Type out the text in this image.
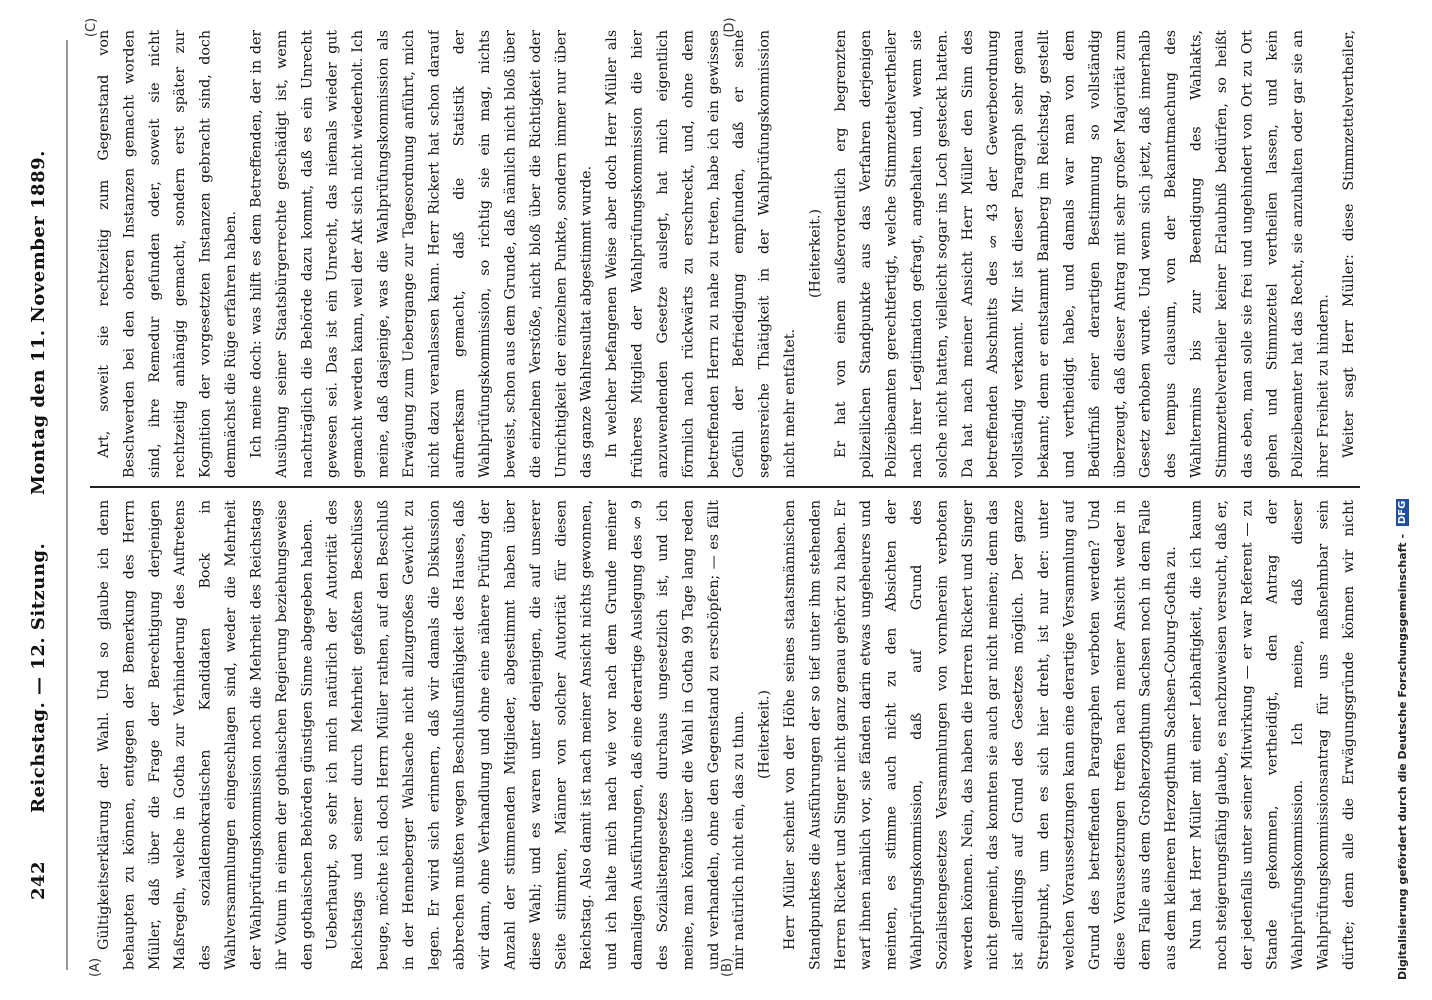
242
Reichstag. — 12. Sitzung.
Montag den 11. November 1889.
(A)	(B)
(C)	(D)

Gültigkeitserklärung der Wahl. Und so glaube ich denn behaupten zu können, entgegen der Bemerkung des Herrn Müller, daß über die Frage der Berechtigung derjenigen Maßregeln, welche in Gotha zur Verhinderung des Auftretens des sozialdemokratischen Kandidaten Bock in Wahlversammlungen eingeschlagen sind, weder die Mehrheit der Wahlprüfungskommission noch die Mehrheit des Reichstags ihr Votum in einem der gothaischen Regierung beziehungsweise den gothaischen Behörden günstigen Sinne abgegeben haben. Ueberhaupt, so sehr ich mich natürlich der Autorität des Reichstags und seiner durch Mehrheit gefaßten Beschlüsse beuge, möchte ich doch Herrn Müller rathen, auf den Beschluß in der Henneberger Wahlsache nicht allzugroßes Gewicht zu legen. Er wird sich erinnern, daß wir damals die Diskussion abbrechen mußten wegen Beschlußunfähigkeit des Hauses, daß wir dann, ohne Verhandlung und ohne eine nähere Prüfung der Anzahl der stimmenden Mitglieder, abgestimmt haben über diese Wahl; und es waren unter denjenigen, die auf unserer Seite stimmten, Männer von solcher Autorität für diesen Reichstag. Also damit ist nach meiner Ansicht nichts gewonnen, und ich halte mich nach wie vor nach dem Grunde meiner damaligen Ausführungen, daß eine derartige Auslegung des § 9 des Sozialistengesetzes durchaus ungesetzlich ist, und ich meine, man könnte über die Wahl in Gotha 99 Tage lang reden und verhandeln, ohne den Gegenstand zu erschöpfen; — es fällt mir natürlich nicht ein, das zu thun. (Heiterkeit.) Herr Müller scheint von der Höhe seines staatsmännischen Standpunktes die Ausführungen der so tief unter ihm stehenden Herren Rickert und Singer nicht ganz genau gehört zu haben. Er warf ihnen nämlich vor, sie fänden darin etwas ungeheures und meinten, es stimme auch nicht zu den Absichten der Wahlprüfungskommission, daß auf Grund des Sozialistengesetzes Versammlungen von vornherein verboten werden können. Nein, das haben die Herren Rickert und Singer nicht gemeint, das konnten sie auch gar nicht meinen; denn das ist allerdings auf Grund des Gesetzes möglich. Der ganze Streitpunkt, um den es sich hier dreht, ist nur der: unter welchen Voraussetzungen kann eine derartige Versammlung auf Grund des betreffenden Paragraphen verboten werden? Und diese Voraussetzungen treffen nach meiner Ansicht weder in dem Falle aus dem Großherzogthum Sachsen noch in dem Falle aus dem kleineren Herzogthum Sachsen-Coburg-Gotha zu. Nun hat Herr Müller mit einer Lebhaftigkeit, die ich kaum noch steigerungsfähig glaube, es nachzuweisen versucht, daß er, der jedenfalls unter seiner Mitwirkung — er war Referent — zu Stande gekommen, vertheidigt, den Antrag der Wahlprüfungskommission. Ich meine, daß dieser Wahlprüfungskommissionsantrag für uns maßnehmbar sein dürfte; denn alle die Erwägungsgründe können wir nicht

Art, soweit sie rechtzeitig zum Gegenstand von Beschwerden bei den oberen Instanzen gemacht worden sind, ihre Remedur gefunden oder, soweit sie nicht rechtzeitig anhängig gemacht, sondern erst später zur Kognition der vorgesetzten Instanzen gebracht sind, doch demnächst die Rüge erfahren haben. Ich meine doch: was hilft es dem Betreffenden, der in der Ausübung seiner Staatsbürgerrechte geschädigt ist, wenn nachträglich die Behörde dazu kommt, daß es ein Unrecht gewesen sei. Das ist ein Unrecht, das niemals wieder gut gemacht werden kann, weil der Akt sich nicht wiederholt. Ich meine, daß dasjenige, was die Wahlprüfungskommission als Erwägung zum Uebergange zur Tagesordnung anführt, mich nicht dazu veranlassen kann. Herr Rickert hat schon darauf aufmerksam gemacht, daß die Statistik der Wahlprüfungskommission, so richtig sie ein mag, nichts beweist, schon aus dem Grunde, daß nämlich nicht bloß über die einzelnen Verstöße, nicht bloß über die Richtigkeit oder Unrichtigkeit der einzelnen Punkte, sondern immer nur über das ganze Wahlresultat abgestimmt wurde. In welcher befangenen Weise aber doch Herr Müller als früheres Mitglied der Wahlprüfungskommission die hier anzuwendenden Gesetze auslegt, hat mich eigentlich förmlich nach rückwärts zu erschreckt, und, ohne dem betreffenden Herrn zu nahe zu treten, habe ich ein gewisses Gefühl der Befriedigung empfunden, daß er seine segensreiche Thätigkeit in der Wahlprüfungskommission nicht mehr entfaltet.

(Heiterkeit.) Er hat von einem außerordentlich erg begrenzten polizeilichen Standpunkte aus das Verfahren derjenigen Polizeibeamten gerechtfertigt, welche Stimmzettelvertheiler nach ihrer Legitimation gefragt, angehalten und, wenn sie solche nicht hatten, vielleicht sogar ins Loch gesteckt hatten. Da hat nach meiner Ansicht Herr Müller den Sinn des betreffenden Abschnitts des § 43 der Gewerbeordnung vollständig verkannt. Mir ist dieser Paragraph sehr genau bekannt; denn er entstammt Bamberg im Reichstag, gestellt und vertheidigt habe, und damals war man von dem Bedürfniß einer derartigen Bestimmung so vollständig überzeugt, daß dieser Antrag mit sehr großer Majorität zum Gesetz erhoben wurde. Und wenn sich jetzt, daß innerhalb des tempus clausum, von der Bekanntmachung des Wahltermins bis zur Beendigung des Wahlakts, Stimmzettelvertheiler keiner Erlaubniß bedürfen, so heißt das eben, man solle sie frei und ungehindert von Ort zu Ort gehen und Stimmzettel vertheilen lassen, und kein Polizeibeamter hat das Recht, sie anzuhalten oder gar sie an ihrer Freiheit zu hindern. Weiter sagt Herr Müller: diese Stimmzettelvertheiler,

Digitalisierung gefördert durch die Deutsche Forschungsgemeinschaft - DFG
